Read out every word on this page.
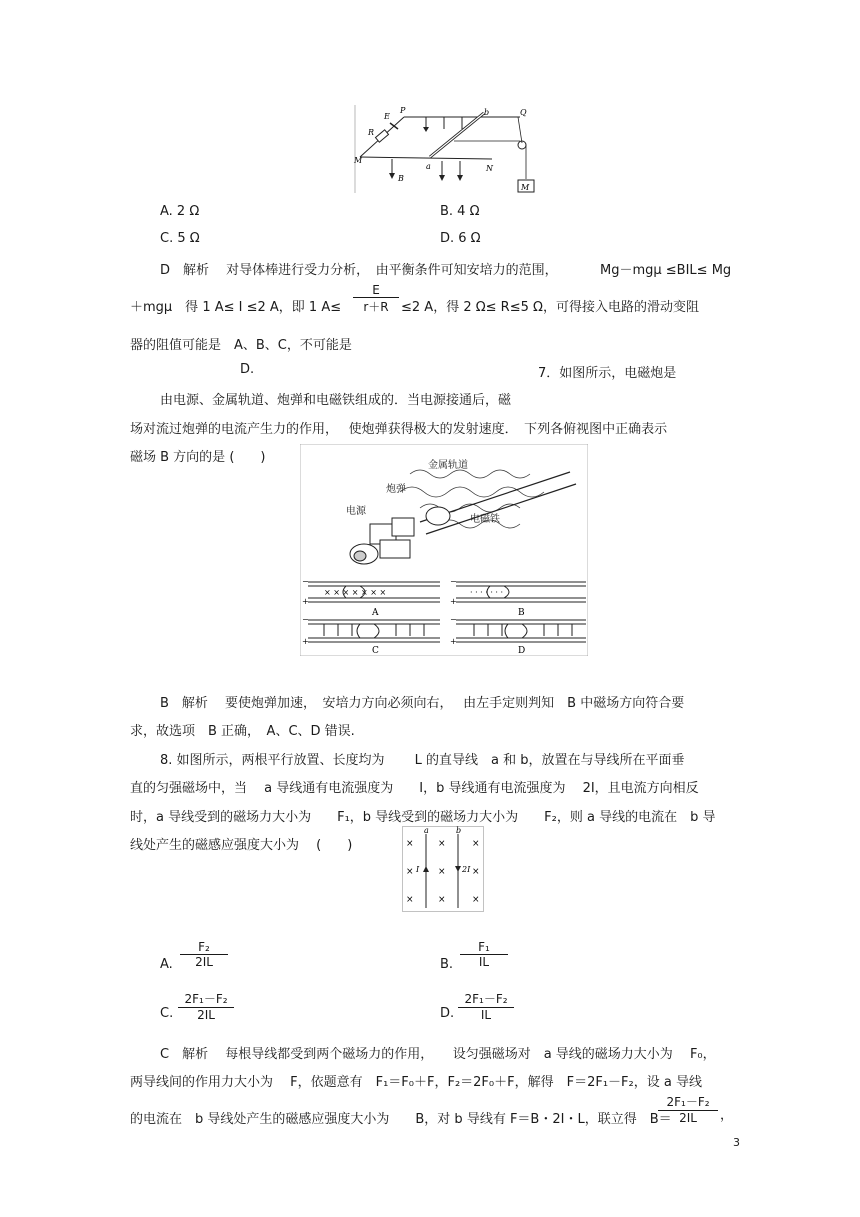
P	b	Q
E
R
M
a	N
B
M
A. 2 Ω	B. 4 Ω
C. 5 Ω	D. 6 Ω
D　解析　 对导体棒进行受力分析，　由平衡条件可知安培力的范围，	Mg－mgμ ≤BIL≤ Mg
＋mgμ　得 1 A≤ I ≤2 A，即 1 $A\le \frac{E}{r+R} \le 2$ A，得 2 Ω≤ R≤5 Ω，可得接入电路的滑动变阻
器的阻值可能是　A、B、C，不可能是
D.	7．如图所示，电磁炮是
由电源、金属轨道、炮弹和电磁铁组成的．当电源接通后，磁
场对流过炮弹的电流产生力的作用，　 使炮弹获得极大的发射速度．　下列各俯视图中正确表示
磁场 B 方向的是 (　　)
金属轨道
炮弹
电源
电磁铁
−
+
× × × × × × ×
A
−
+
· · · · · · ·
B
−
+
C
−
+
D
B　解析　 要使炮弹加速，　安培力方向必须向右，　 由左手定则判知　B 中磁场方向符合要
求，故选项　B 正确，　A、C、D 错误.
8. 如图所示，两根平行放置、长度均为　　 L 的直导线　a 和 b，放置在与导线所在平面垂
直的匀强磁场中，当　 a 导线通有电流强度为　　I，b 导线通有电流强度为　 2I，且电流方向相反
时，a 导线受到的磁场力大小为　　F₁，b 导线受到的磁场力大小为　　F₂，则 a 导线的电流在　b 导
线处产生的磁感应强度大小为　 (　　)
a	b
I	2I
×	×	×
×	×	×
×	×	×
A. $\frac{\text{F₂}}{2IL}$	B. $\frac{\text{F₁}}{IL}$
C. $\frac{\text{2F₁－F₂}}{2IL}$	D. $\frac{\text{2F₁－F₂}}{IL}$
C　解析　 每根导线都受到两个磁场力的作用，　　设匀强磁场对　a 导线的磁场力大小为　 F₀，
两导线间的作用力大小为　 F，依题意有　F₁＝F₀＋F，F₂＝2F₀＋F，解得　F＝2F₁－F₂，设 a 导线
的电流在　b 导线处产生的磁感应强度大小为　　B，对 b 导线有 F＝B・2I・L，联立得　B＝
$\frac{\text{2F₁－F₂}}{2IL}$ ，
3
